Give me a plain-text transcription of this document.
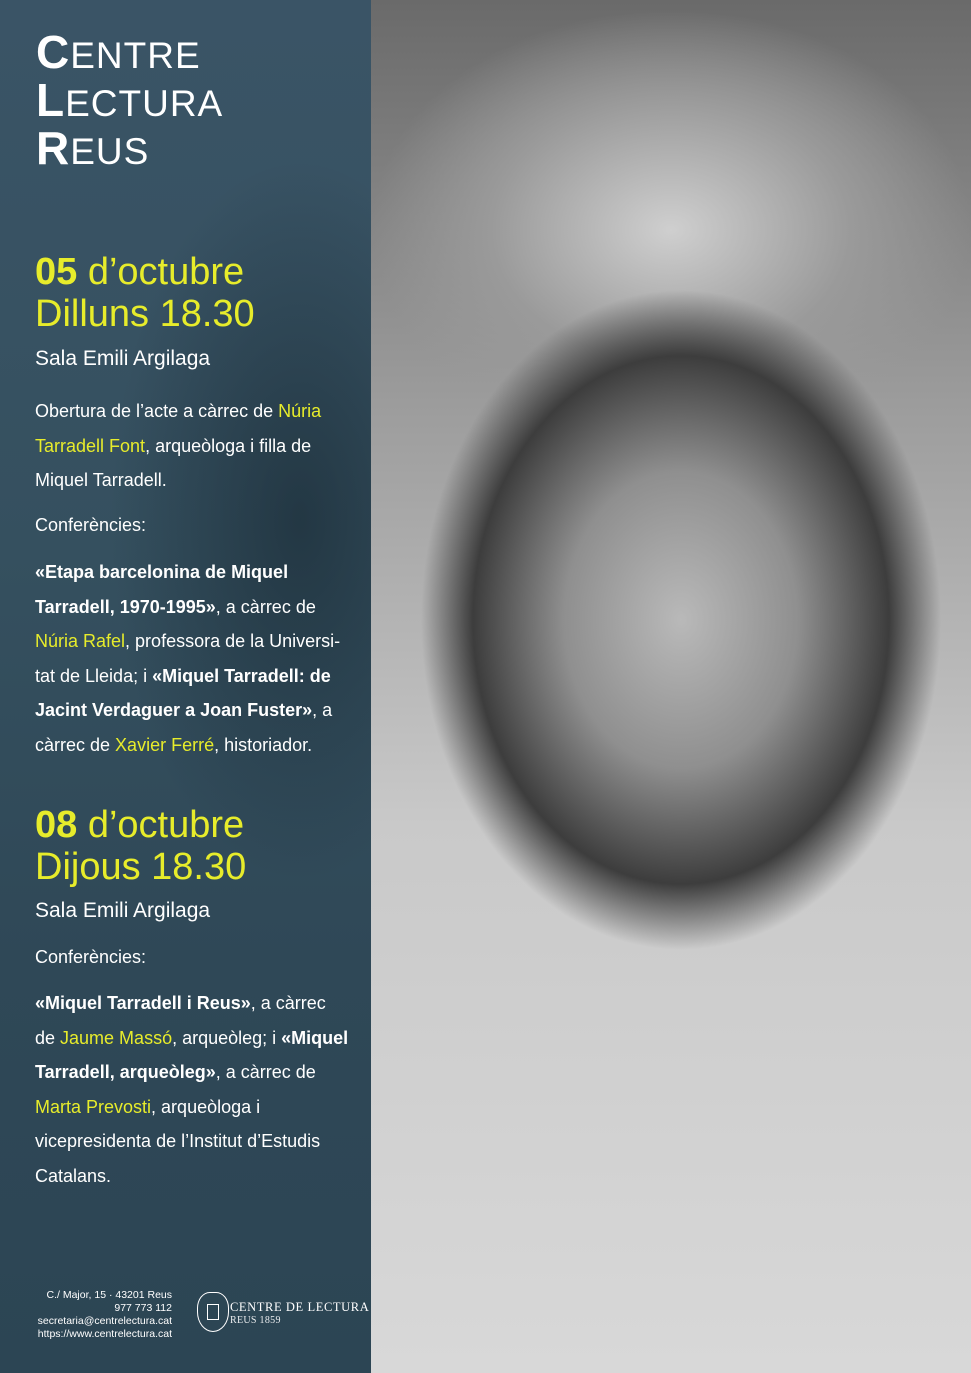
CENTRE
LECTURA
REUS
05 d’octubre
Dilluns 18.30
Sala Emili Argilaga
Obertura de l’acte a càrrec de Núria Tarradell Font, arqueòloga i filla de Miquel Tarradell.
Conferències:
«Etapa barcelonina de Miquel Tarradell, 1970-1995», a càrrec de Núria Rafel, professora de la Universi-tat de Lleida; i «Miquel Tarradell: de Jacint Verdaguer a Joan Fuster», a càrrec de Xavier Ferré, historiador.
08 d’octubre
Dijous 18.30
Sala Emili Argilaga
Conferències:
«Miquel Tarradell i Reus», a càrrec de Jaume Massó, arqueòleg; i «Miquel Tarradell, arqueòleg», a càrrec de Marta Prevosti, arqueòloga i vicepresidenta de l’Institut d’Estudis Catalans.
C./ Major, 15 · 43201 Reus
977 773 112
secretaria@centrelectura.cat
https://www.centrelectura.cat
CENTRE DE LECTURA
REUS 1859
